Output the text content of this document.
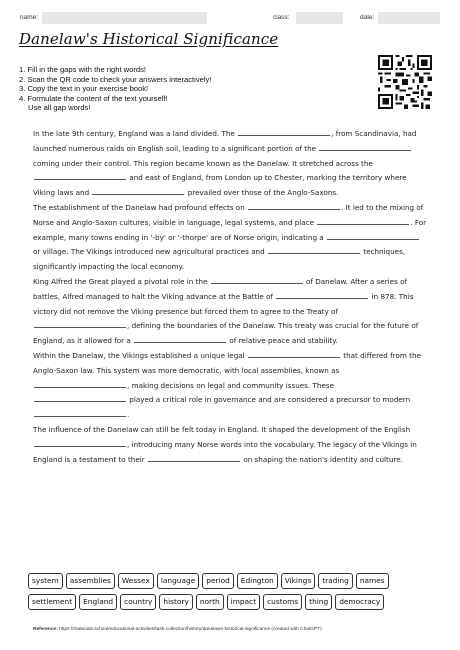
name:	class:	date:
Danelaw's Historical Significance
1. Fill in the gaps with the right words!
2. Scan the QR code to check your answers interactively!
3. Copy the text in your exercise book!
4. Formulate the content of the text yourself!
Use all gap words!

In the late 9th century, England was a land divided. The	, from Scandinavia, had launched numerous raids on English soil, leading to a significant portion of the  coming under their control. This region became known as the Danelaw. It stretched across the  and east of England, from London up to Chester, marking the territory where Viking laws and	prevailed over those of the Anglo-Saxons.

The establishment of the Danelaw had profound effects on	. It led to the mixing of Norse and Anglo-Saxon cultures, visible in language, legal systems, and place	. For example, many towns ending in '-by' or '-thorpe' are of Norse origin, indicating a  or village. The Vikings introduced new agricultural practices and	techniques, significantly impacting the local economy.

King Alfred the Great played a pivotal role in the	of Danelaw. After a series of battles, Alfred managed to halt the Viking advance at the Battle of	in 878. This victory did not remove the Viking presence but forced them to agree to the Treaty of , defining the boundaries of the Danelaw. This treaty was crucial for the future of England, as it allowed for a	of relative peace and stability.

Within the Danelaw, the Vikings established a unique legal	that differed from the Anglo-Saxon law. This system was more democratic, with local assemblies, known as , making decisions on legal and community issues. These  played a critical role in governance and are considered a precursor to modern .

The influence of the Danelaw can still be felt today in England. It shaped the development of the English , introducing many Norse words into the vocabulary. The legacy of the Vikings in England is a testament to their	on shaping the nation's identity and culture.

system	assemblies	Wessex	language	period	Edington	Vikings	trading	names
settlement	England	country	history	north	impact	customs	thing	democracy
Reference: https://materials.school/educational-activities/task-collection/history/danelaws-historical-significance (created with ChatGPT)
